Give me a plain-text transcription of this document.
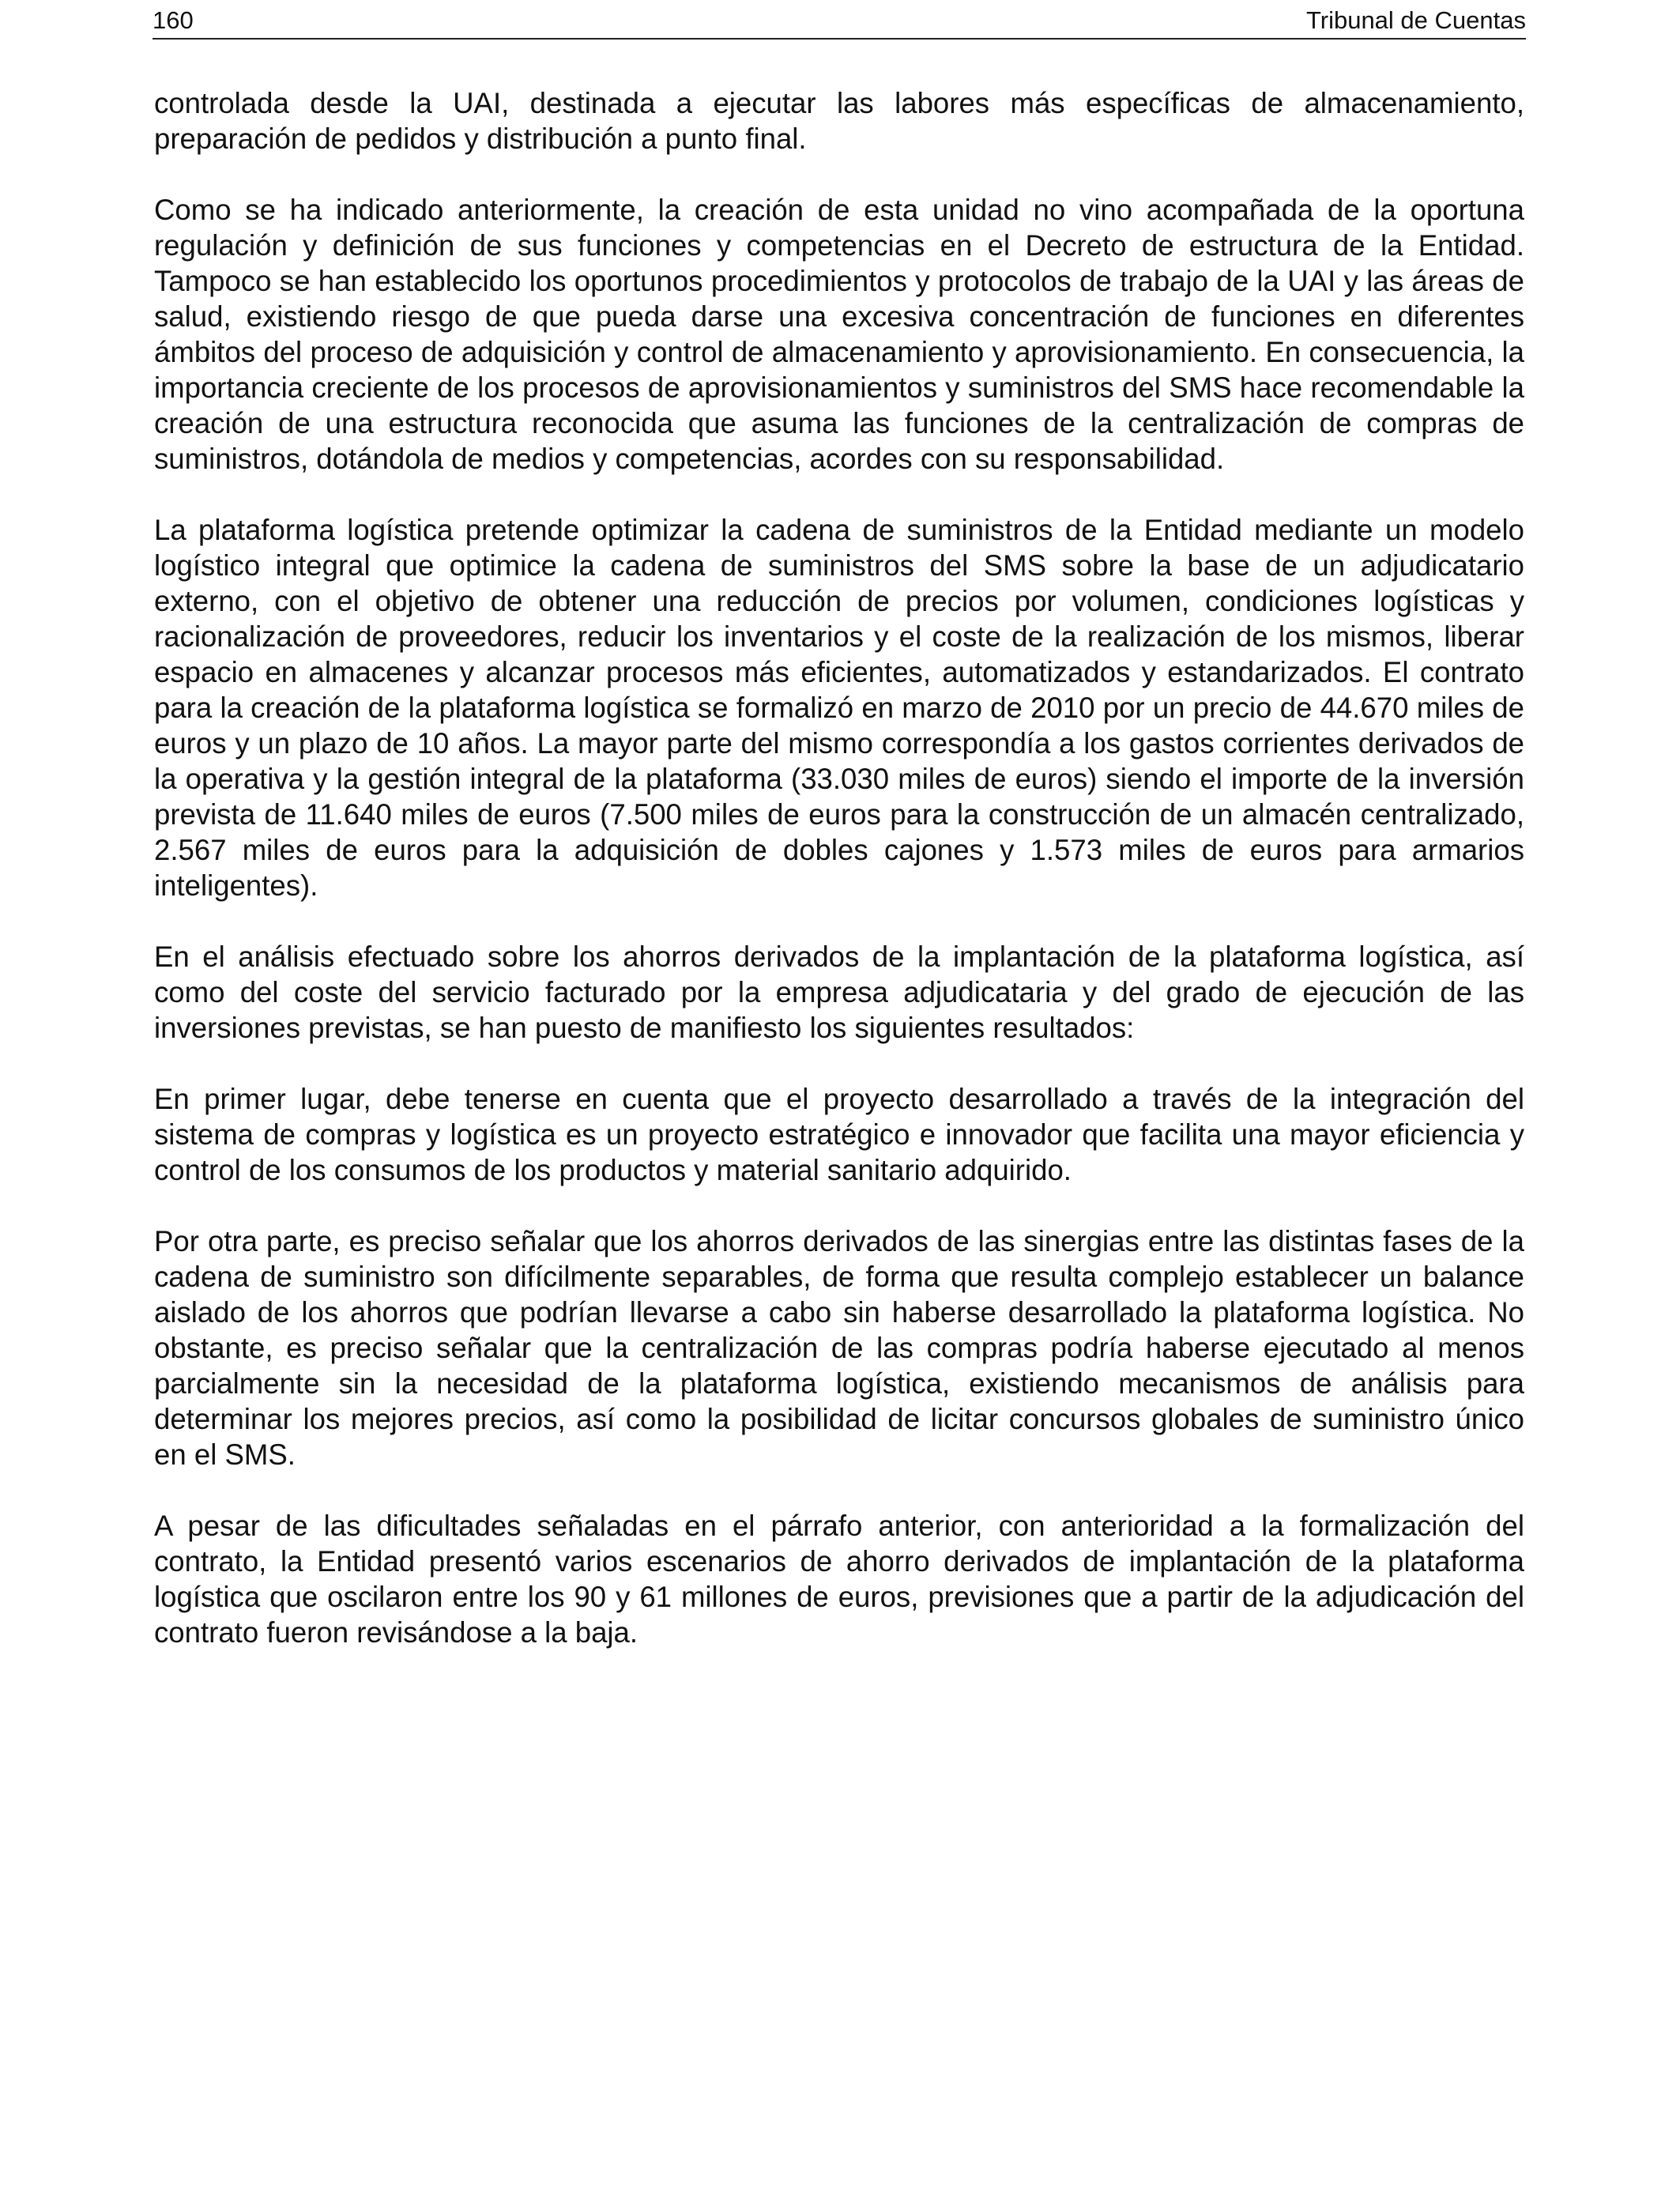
160	Tribunal de Cuentas

controlada desde la UAI, destinada a ejecutar las labores más específicas de almacenamiento, preparación de pedidos y distribución a punto final.

Como se ha indicado anteriormente, la creación de esta unidad no vino acompañada de la oportuna regulación y definición de sus funciones y competencias en el Decreto de estructura de la Entidad. Tampoco se han establecido los oportunos procedimientos y protocolos de trabajo de la UAI y las áreas de salud, existiendo riesgo de que pueda darse una excesiva concentración de funciones en diferentes ámbitos del proceso de adquisición y control de almacenamiento y aprovisionamiento. En consecuencia, la importancia creciente de los procesos de aprovisionamientos y suministros del SMS hace recomendable la creación de una estructura reconocida que asuma las funciones de la centralización de compras de suministros, dotándola de medios y competencias, acordes con su responsabilidad.

La plataforma logística pretende optimizar la cadena de suministros de la Entidad mediante un modelo logístico integral que optimice la cadena de suministros del SMS sobre la base de un adjudicatario externo, con el objetivo de obtener una reducción de precios por volumen, condiciones logísticas y racionalización de proveedores, reducir los inventarios y el coste de la realización de los mismos, liberar espacio en almacenes y alcanzar procesos más eficientes, automatizados y estandarizados. El contrato para la creación de la plataforma logística se formalizó en marzo de 2010 por un precio de 44.670 miles de euros y un plazo de 10 años. La mayor parte del mismo correspondía a los gastos corrientes derivados de la operativa y la gestión integral de la plataforma (33.030 miles de euros) siendo el importe de la inversión prevista de 11.640 miles de euros (7.500 miles de euros para la construcción de un almacén centralizado, 2.567 miles de euros para la adquisición de dobles cajones y 1.573 miles de euros para armarios inteligentes).

En el análisis efectuado sobre los ahorros derivados de la implantación de la plataforma logística, así como del coste del servicio facturado por la empresa adjudicataria y del grado de ejecución de las inversiones previstas, se han puesto de manifiesto los siguientes resultados:

En primer lugar, debe tenerse en cuenta que el proyecto desarrollado a través de la integración del sistema de compras y logística es un proyecto estratégico e innovador que facilita una mayor eficiencia y control de los consumos de los productos y material sanitario adquirido.

Por otra parte, es preciso señalar que los ahorros derivados de las sinergias entre las distintas fases de la cadena de suministro son difícilmente separables, de forma que resulta complejo establecer un balance aislado de los ahorros que podrían llevarse a cabo sin haberse desarrollado la plataforma logística. No obstante, es preciso señalar que la centralización de las compras podría haberse ejecutado al menos parcialmente sin la necesidad de la plataforma logística, existiendo mecanismos de análisis para determinar los mejores precios, así como la posibilidad de licitar concursos globales de suministro único en el SMS.

A pesar de las dificultades señaladas en el párrafo anterior, con anterioridad a la formalización del contrato, la Entidad presentó varios escenarios de ahorro derivados de implantación de la plataforma logística que oscilaron entre los 90 y 61 millones de euros, previsiones que a partir de la adjudicación del contrato fueron revisándose a la baja.
